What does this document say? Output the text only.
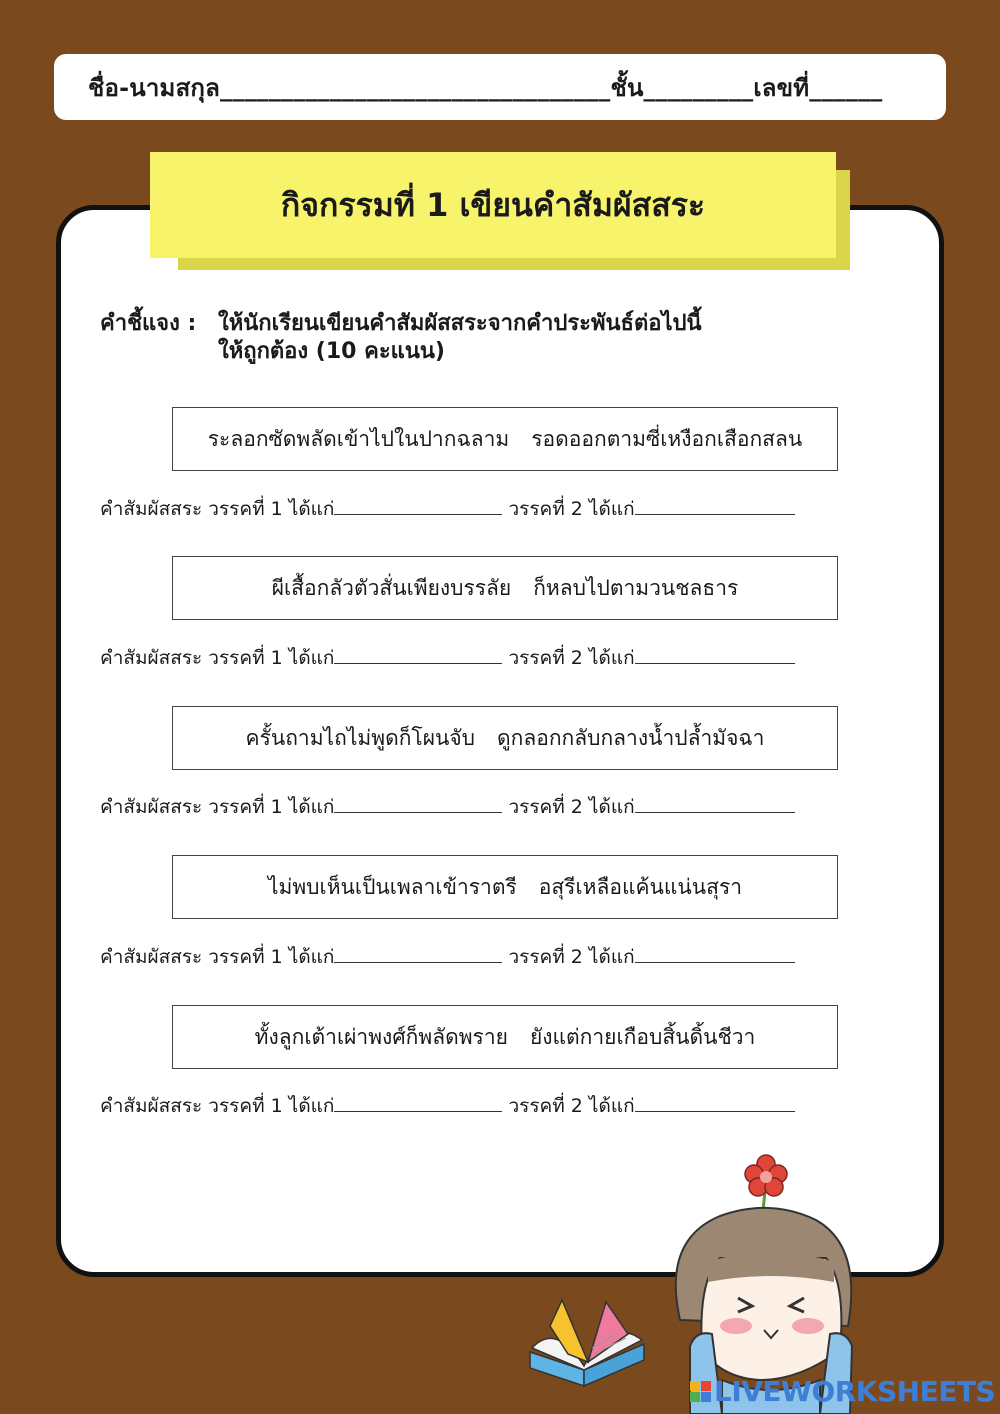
ชื่อ-นามสกุล________________________________ชั้น_________เลขที่______
กิจกรรมที่ 1 เขียนคำสัมผัสสระ
คำชี้แจง : ให้นักเรียนเขียนคำสัมผัสสระจากคำประพันธ์ต่อไปนี้
ให้ถูกต้อง (10 คะแนน)
ระลอกซัดพลัดเข้าไปในปากฉลาม รอดออกตามซี่เหงือกเสือกสลน
คำสัมผัสสระ วรรคที่ 1 ได้แก่	วรรคที่ 2 ได้แก่
ผีเสื้อกลัวตัวสั่นเพียงบรรลัย ก็หลบไปตามวนชลธาร
คำสัมผัสสระ วรรคที่ 1 ได้แก่	วรรคที่ 2 ได้แก่
ครั้นถามไถไม่พูดก็โผนจับ ดูกลอกกลับกลางน้ำปล้ำมัจฉา
คำสัมผัสสระ วรรคที่ 1 ได้แก่	วรรคที่ 2 ได้แก่
ไม่พบเห็นเป็นเพลาเข้าราตรี อสุรีเหลือแค้นแน่นสุรา
คำสัมผัสสระ วรรคที่ 1 ได้แก่	วรรคที่ 2 ได้แก่
ทั้งลูกเต้าเผ่าพงศ์ก็พลัดพราย ยังแต่กายเกือบสิ้นดิ้นชีวา
คำสัมผัสสระ วรรคที่ 1 ได้แก่	วรรคที่ 2 ได้แก่
LIVEWORKSHEETS
